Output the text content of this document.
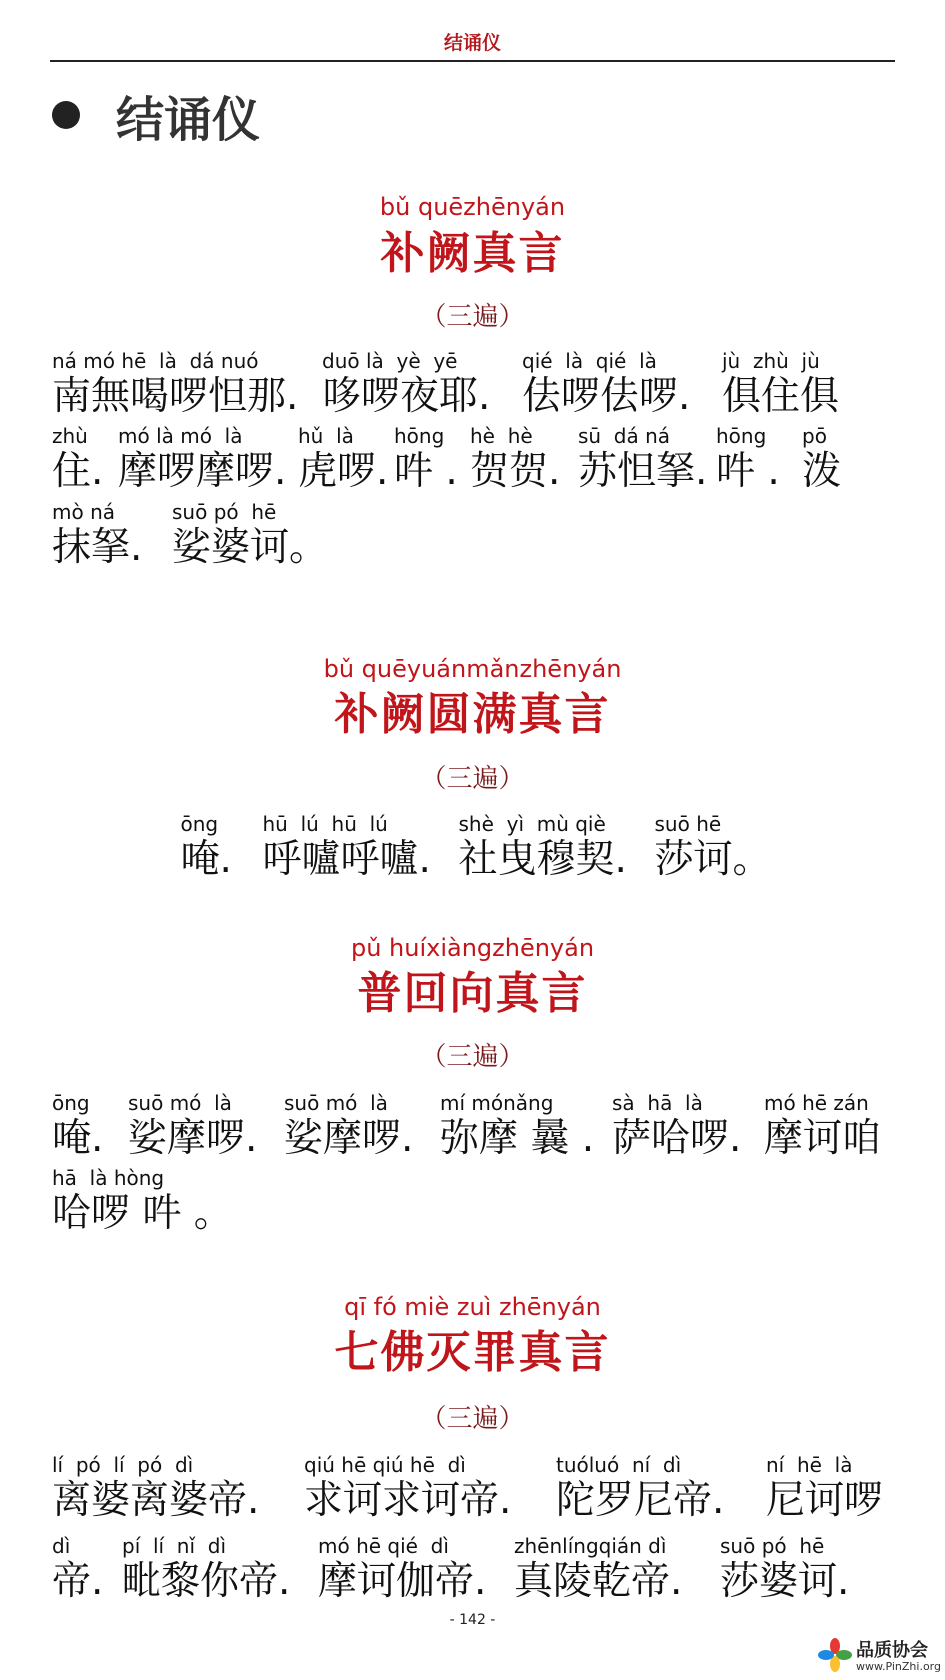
结诵仪
结诵仪
bǔ quēzhēnyán
补阙真言
（三遍）
ná mó hē  là  dá nuó
南無喝啰怛那.
duō là  yè  yē
哆啰夜耶.
qié  là  qié  là
佉啰佉啰.
jù  zhù  jù
俱住俱
zhù
住.
mó là mó  là
摩啰摩啰.
hǔ  là
虎啰.
hōng
吽 .
hè  hè
贺贺.
sū  dá ná
苏怛拏.
hōng
吽 .
pō
泼
mò ná
抹拏.
suō pó  hē
娑婆诃。
bǔ quēyuánmǎnzhēnyán
补阙圆满真言
（三遍）
ōng
唵.
hū  lú  hū  lú
呼嚧呼嚧.
shè  yì  mù qiè
社曳穆契.
suō hē
莎诃。
pǔ huíxiàngzhēnyán
普回向真言
（三遍）
ōng
唵.
suō mó  là
娑摩啰.
suō mó  là
娑摩啰.
mí mónǎng
弥摩 曩 .
sà  hā  là
萨哈啰.
mó hē zán
摩诃咱
hā  là hòng
哈啰 吽 。
qī fó miè zuì zhēnyán
七佛灭罪真言
（三遍）
lí  pó  lí  pó  dì
离婆离婆帝.
qiú hē qiú hē  dì
求诃求诃帝.
tuóluó  ní  dì
陀罗尼帝.
ní  hē  là
尼诃啰
dì
帝.
pí  lí  nǐ  dì
毗黎你帝.
mó hē qié  dì
摩诃伽帝.
zhēnlíngqián dì
真陵乾帝.
suō pó  hē
莎婆诃.
- 142 -
品质协会
www.PinZhi.org
